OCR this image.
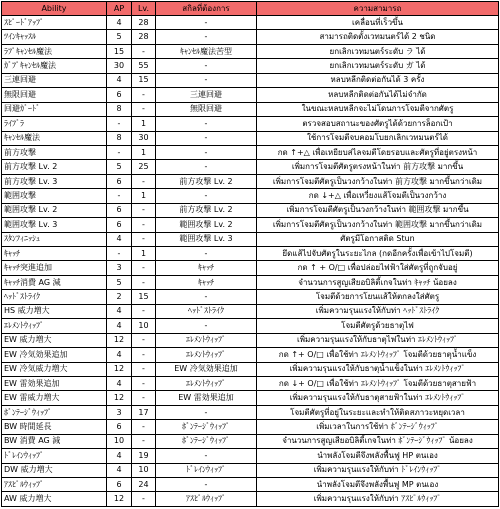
Ability	AP	Lv.	สกิลที่ต้องการ	ความสามารถ
ｽﾋﾟｰﾄﾞｱｯﾌﾟ	4	28	-	เคลื่อนที่เร็วขึ้น
ﾂｲﾝｷｬｯｽﾙ	5	28	-	สามารถติดตั้งเวทมนตร์ได้ 2 ชนิด
ﾗﾌﾟｷｬﾝｾﾙ魔法	15	-	ｷｬﾝｾﾙ魔法苦型	ยกเลิกเวทมนตร์ระดับ ラ ได้
ｶﾞﾌﾟｷｬﾝｾﾙ魔法	30	55	-	ยกเลิกเวทมนตร์ระดับ ガ ได้
三連回避	4	15	-	หลบหลีกติดต่อกันได้ 3 ครั้ง
無限回避	6	-	三連回避	หลบหลีกติดต่อกันได้ไม่จำกัด
回避ｶﾞｰﾄﾞ	8	-	無限回避	ในขณะหลบหลีกจะไม่โดนการโจมตีจากศัตรู
ﾗｲﾌﾞﾗ	-	1	-	ตรวจสอบสถานะของศัตรูได้ด้วยการล็อกเป้า
ｷｬﾝｾﾙ魔法	8	30	-	ใช้การโจมตีจบคอมโบยกเลิกเวทมนตร์ได้
前方攻撃	-	1	-	กด ↑+△ เพื่อเหยียบส่ไลจมตีโดยรอบและศัตรูที่อยู่ตรงหน้า
前方攻撃 Lv. 2	5	25	-	เพิ่มการโจมตีศัตรูตรงหน้าในท่า 前方攻撃 มากขึ้น
前方攻撃 Lv. 3	6	-	前方攻撃 Lv. 2	เพิ่มการโจมตีศัตรูเป็นวงกว้างในท่า 前方攻撃 มากขึ้นกว่าเดิม
範囲攻撃	-	1	-	กด ↓+△ เพื่อเหวี่ยงแส้โจมตีเป็นวงกว้าง
範囲攻撃 Lv. 2	6	-	前方攻撃 Lv. 2	เพิ่มการโจมตีศัตรูเป็นวงกว้างในท่า 範囲攻撃 มากขึ้น
範囲攻撃 Lv. 3	6	-	範囲攻撃 Lv. 2	เพิ่มการโจมตีศัตรูเป็นวงกว้างในท่า 範囲攻撃 มากขึ้นกว่าเดิม
ｽﾀﾝﾌｨﾆｯｼｭ	4	-	範囲攻撃 Lv. 3	ศัตรูมีโอกาสติด Stun
ｷｬｯﾁ	-	1	-	ยึดแส้ไปจับศัตรูในระยะไกล (กดอีกครั้งเพื่อเข้าไปโจมตี)
ｷｬｯﾁ突進追加	3	-	ｷｬｯﾁ	กด ↑ + O/□ เพื่อปล่อยไฟฟ้าใส่ศัตรูที่ถูกจับอยู่
ｷｬｯﾁ消費 AG 減	5	-	ｷｬｯﾁ	จำนวนการสูญเสียอบิลิตี้เกจในท่า ｷｬｯﾁ น้อยลง
ﾍｯﾄﾞｽﾄﾗｲｸ	2	15	-	โจมตีด้วยการโยนแส้ให้ตกลงใส่ศัตรู
HS 威力増大	4	-	ﾍｯﾄﾞｽﾄﾗｲｸ	เพิ่มความรุนแรงให้กับท่า ﾍｯﾄﾞｽﾄﾗｲｸ
ｴﾚﾒﾝﾄｳｨｯﾌﾟ	4	10	-	โจมตีศัตรูด้วยธาตุไฟ
EW 威力増大	12	-	ｴﾚﾒﾝﾄｳｨｯﾌﾟ	เพิ่มความรุนแรงให้กับธาตุไฟในท่า ｴﾚﾒﾝﾄｳｨｯﾌﾟ
EW 冷気効果追加	4	-	ｴﾚﾒﾝﾄｳｨｯﾌﾟ	กด ↑+ O/□ เพื่อใช้ท่า ｴﾚﾒﾝﾄｳｨｯﾌﾟ โจมตีด้วยธาตุน้ำแข็ง
EW 冷気威力増大	12	-	EW 冷気効果追加	เพิ่มความรุนแรงให้กับธาตุน้ำแข็งในท่า ｴﾚﾒﾝﾄｳｨｯﾌﾟ
EW 雷効果追加	4	-	ｴﾚﾒﾝﾄｳｨｯﾌﾟ	กด ↓+ O/□ เพื่อใช้ท่า ｴﾚﾒﾝﾄｳｨｯﾌﾟ โจมตีด้วยธาตุสายฟ้า
EW 雷威力増大	12	-	EW 雷効果追加	เพิ่มความรุนแรงให้กับธาตุสายฟ้าในท่า ｴﾚﾒﾝﾄｳｨｯﾌﾟ
ﾎﾞﾝﾃｰｼﾞｳｨｯﾌﾟ	3	17	-	โจมตีศัตรูที่อยู่ในระยะและทำให้ติดสภาวะหยุดเวลา
BW 時間延長	6	-	ﾎﾞﾝﾃｰｼﾞｳｨｯﾌﾟ	เพิ่มเวลาในการใช้ท่า ﾎﾞﾝﾃｰｼﾞｳｨｯﾌﾟ
BW 消費 AG 減	10	-	ﾎﾞﾝﾃｰｼﾞｳｨｯﾌﾟ	จำนวนการสูญเสียอบิลิตี้เกจในท่า ﾎﾞﾝﾃｰｼﾞｳｨｯﾌﾟ น้อยลง
ﾄﾞﾚｲﾝｳｨｯﾌﾟ	4	19	-	นำพลังโจมตีจึงพลังพื้นฟู HP ตนเอง
DW 威力増大	4	10	ﾄﾞﾚｲﾝｳｨｯﾌﾟ	เพิ่มความรุนแรงให้กับท่า ﾄﾞﾚｲﾝｳｨｯﾌﾟ
ｱｽﾋﾟﾙｳｨｯﾌﾟ	6	24	-	นำพลังโจมตีจึงพลังพื้นฟู MP ตนเอง
AW 威力増大	12	-	ｱｽﾋﾟﾙｳｨｯﾌﾟ	เพิ่มความรุนแรงให้กับท่า ｱｽﾋﾟﾙｳｨｯﾌﾟ
